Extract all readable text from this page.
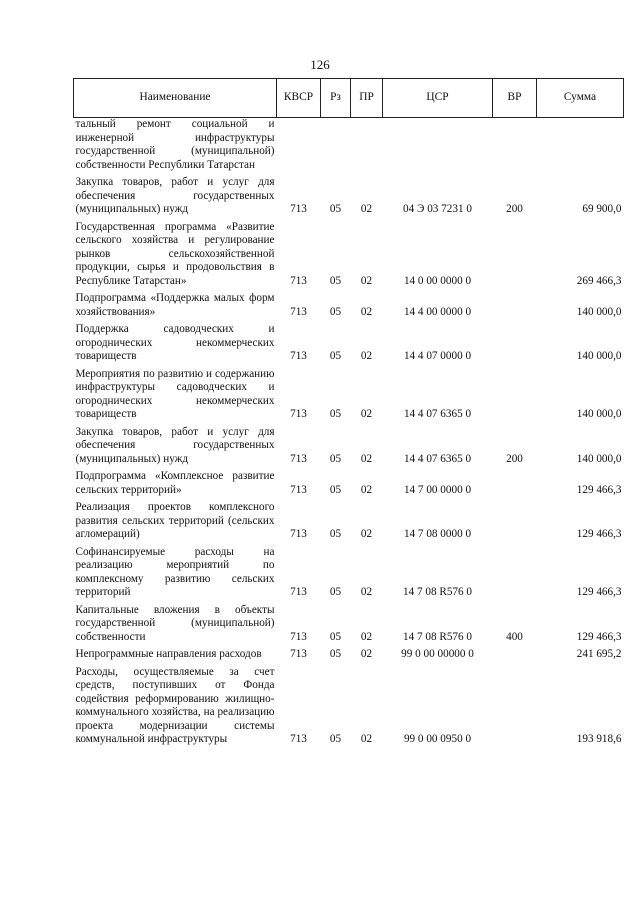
126
Наименование	КВСР	Рз	ПР	ЦСР	ВР	Сумма
тальный ремонт социальной и инженерной инфраструктуры государственной (муниципальной) собственности Республики Татарстан						
Закупка товаров, работ и услуг для обеспечения государственных (муниципальных) нужд	713	05	02	04 Э 03 7231 0	200	69 900,0
Государственная программа «Развитие сельского хозяйства и регулирование рынков сельскохозяйственной продукции, сырья и продовольствия в Республике Татарстан»	713	05	02	14 0 00 0000 0		269 466,3
Подпрограмма «Поддержка малых форм хозяйствования»	713	05	02	14 4 00 0000 0		140 000,0
Поддержка садоводческих и огороднических некоммерческих товариществ	713	05	02	14 4 07 0000 0		140 000,0
Мероприятия по развитию и содержанию инфраструктуры садоводческих и огороднических некоммерческих товариществ	713	05	02	14 4 07 6365 0		140 000,0
Закупка товаров, работ и услуг для обеспечения государственных (муниципальных) нужд	713	05	02	14 4 07 6365 0	200	140 000,0
Подпрограмма «Комплексное развитие сельских территорий»	713	05	02	14 7 00 0000 0		129 466,3
Реализация проектов комплексного развития сельских территорий (сельских агломераций)	713	05	02	14 7 08 0000 0		129 466,3
Софинансируемые расходы на реализацию мероприятий по комплексному развитию сельских территорий	713	05	02	14 7 08 R576 0		129 466,3
Капитальные вложения в объекты государственной (муниципальной) собственности	713	05	02	14 7 08 R576 0	400	129 466,3
Непрограммные направления расходов	713	05	02	99 0 00 00000 0		241 695,2
Расходы, осуществляемые за счет средств, поступивших от Фонда содействия реформированию жилищно-коммунального хозяйства, на реализацию проекта модернизации системы коммунальной инфраструктуры	713	05	02	99 0 00 0950 0		193 918,6
